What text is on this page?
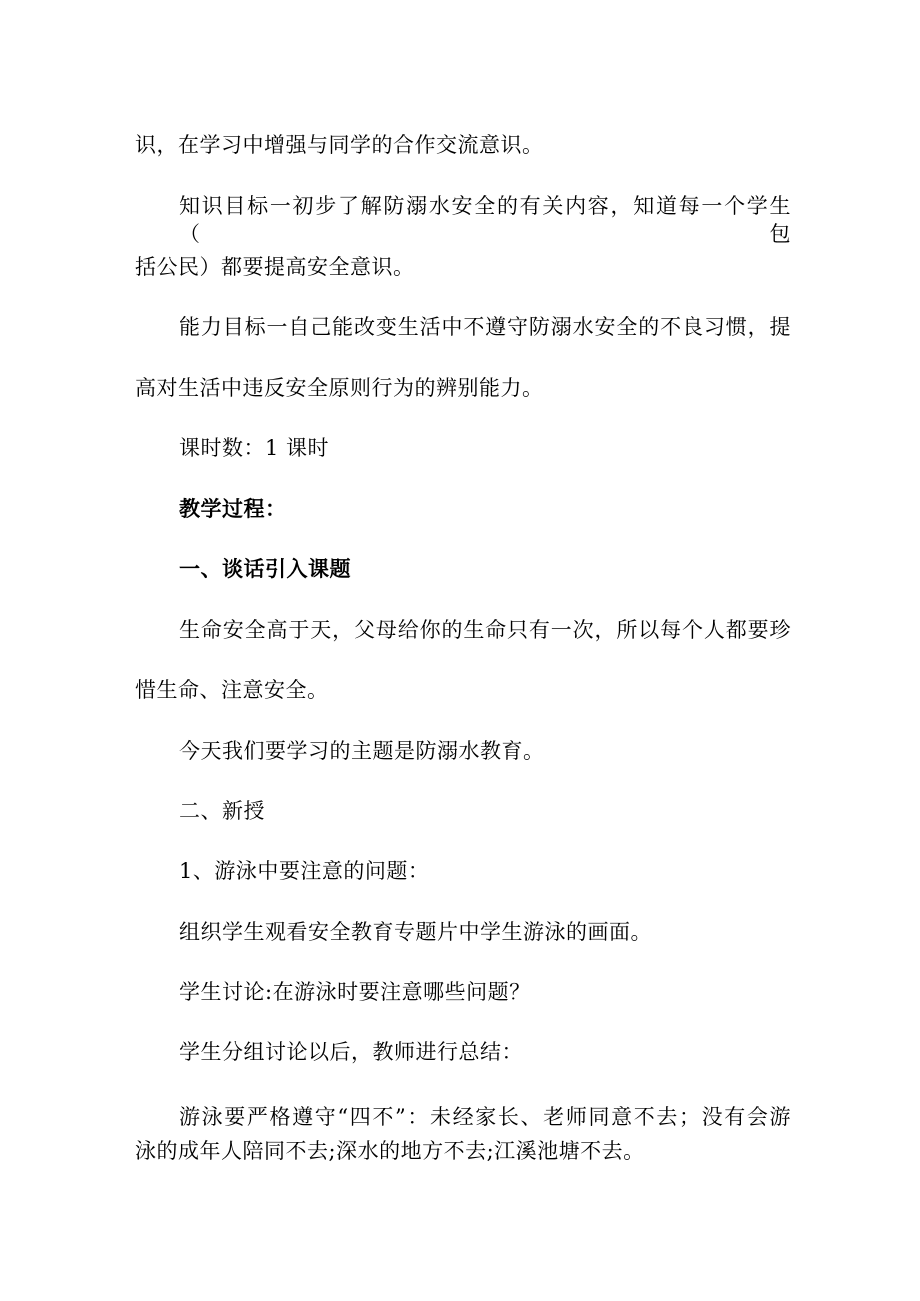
识，在学习中增强与同学的合作交流意识。
知识目标一初步了解防溺水安全的有关内容，知道每一个学生（包
括公民）都要提高安全意识。
能力目标一自己能改变生活中不遵守防溺水安全的不良习惯，提
高对生活中违反安全原则行为的辨别能力。
课时数：1 课时
教学过程：
一、谈话引入课题
生命安全高于天，父母给你的生命只有一次，所以每个人都要珍
惜生命、注意安全。
今天我们要学习的主题是防溺水教育。
二、新授
1、游泳中要注意的问题：
组织学生观看安全教育专题片中学生游泳的画面。
学生讨论:在游泳时要注意哪些问题？
学生分组讨论以后，教师进行总结：
游泳要严格遵守“四不”：未经家长、老师同意不去；没有会游
泳的成年人陪同不去;深水的地方不去;江溪池塘不去。
